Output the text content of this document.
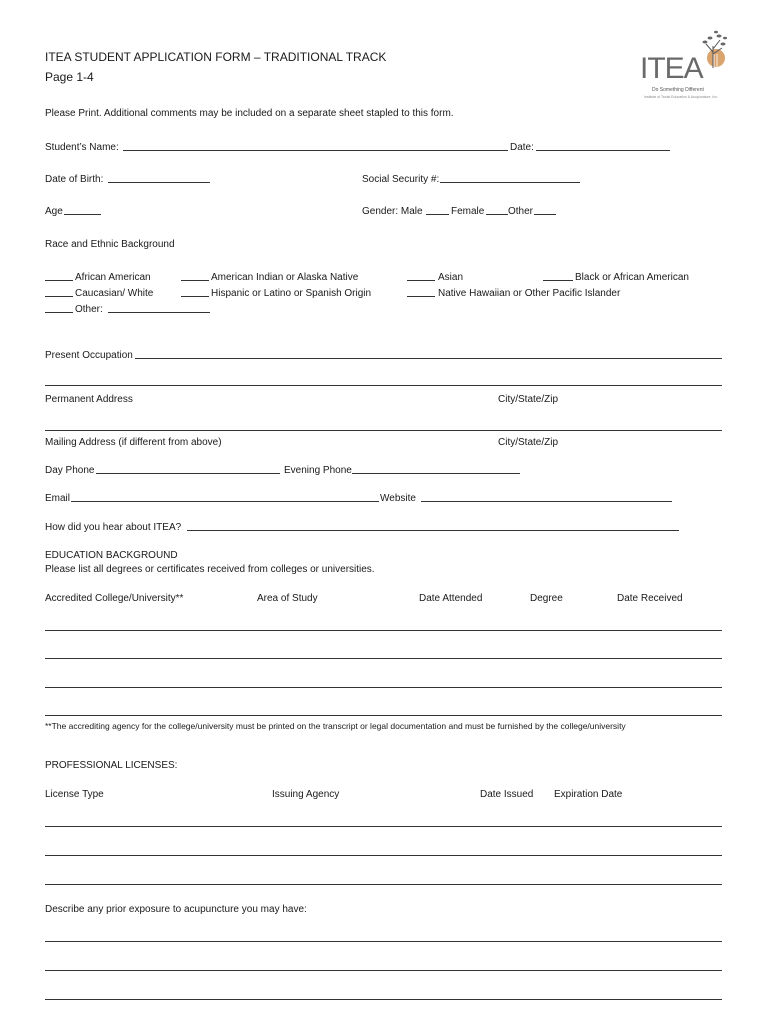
ITEA STUDENT APPLICATION FORM – TRADITIONAL TRACK
Page 1-4	ITEA
Do Something Different
Institute of Taoist Education & Acupuncture, Inc.
Please Print. Additional comments may be included on a separate sheet stapled to this form.
Student’s Name:	Date:
Date of Birth:	Social Security #:
Age	Gender: Male	Female Other
Race and Ethnic Background
African American	American Indian or Alaska Native	Asian	Black or African American
Caucasian/ White	Hispanic or Latino or Spanish Origin	Native Hawaiian or Other Pacific Islander
Other:
Present Occupation
Permanent Address	City/State/Zip
Mailing Address (if different from above)	City/State/Zip
Day Phone	Evening Phone
Email	Website
How did you hear about ITEA?
EDUCATION BACKGROUND
Please list all degrees or certificates received from colleges or universities.
Accredited College/University**	Area of Study	Date Attended	Degree	Date Received
**The accrediting agency for the college/university must be printed on the transcript or legal documentation and must be furnished by the college/university
PROFESSIONAL LICENSES:
License Type	Issuing Agency	Date Issued Expiration Date
Describe any prior exposure to acupuncture you may have:
